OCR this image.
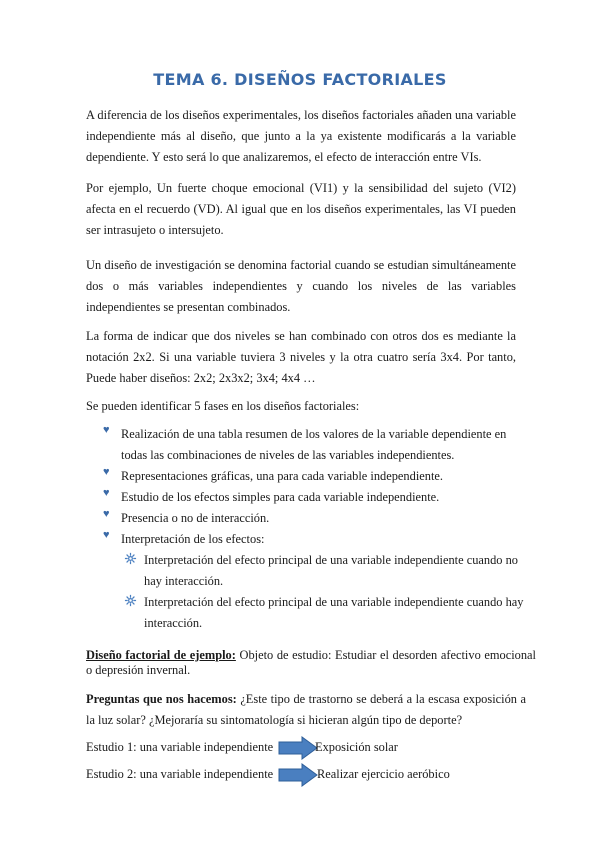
TEMA 6. DISEÑOS FACTORIALES
A diferencia de los diseños experimentales, los diseños factoriales añaden una variable independiente más al diseño, que junto a la ya existente modificarás a la variable dependiente. Y esto será lo que analizaremos, el efecto de interacción entre VIs.
Por ejemplo, Un fuerte choque emocional (VI1) y la sensibilidad del sujeto (VI2) afecta en el recuerdo (VD). Al igual que en los diseños experimentales, las VI pueden ser intrasujeto o intersujeto.
Un diseño de investigación se denomina factorial cuando se estudian simultáneamente dos o más variables independientes y cuando los niveles de las variables independientes se presentan combinados.
La forma de indicar que dos niveles se han combinado con otros dos es mediante la notación 2x2. Si una variable tuviera 3 niveles y la otra cuatro sería 3x4. Por tanto, Puede haber diseños: 2x2; 2x3x2; 3x4; 4x4 …
Se pueden identificar 5 fases en los diseños factoriales:
♥ Realización de una tabla resumen de los valores de la variable dependiente en todas las combinaciones de niveles de las variables independientes.
♥ Representaciones gráficas, una para cada variable independiente.
♥ Estudio de los efectos simples para cada variable independiente.
♥ Presencia o no de interacción.
♥ Interpretación de los efectos:
Interpretación del efecto principal de una variable independiente cuando no hay interacción.
Interpretación del efecto principal de una variable independiente cuando hay interacción.
Diseño factorial de ejemplo: Objeto de estudio: Estudiar el desorden afectivo emocional o depresión invernal.
Preguntas que nos hacemos: ¿Este tipo de trastorno se deberá a la escasa exposición a la luz solar? ¿Mejoraría su sintomatología si hicieran algún tipo de deporte?
Estudio 1: una variable independiente	Exposición solar
Estudio 2: una variable independiente	Realizar ejercicio aeróbico
